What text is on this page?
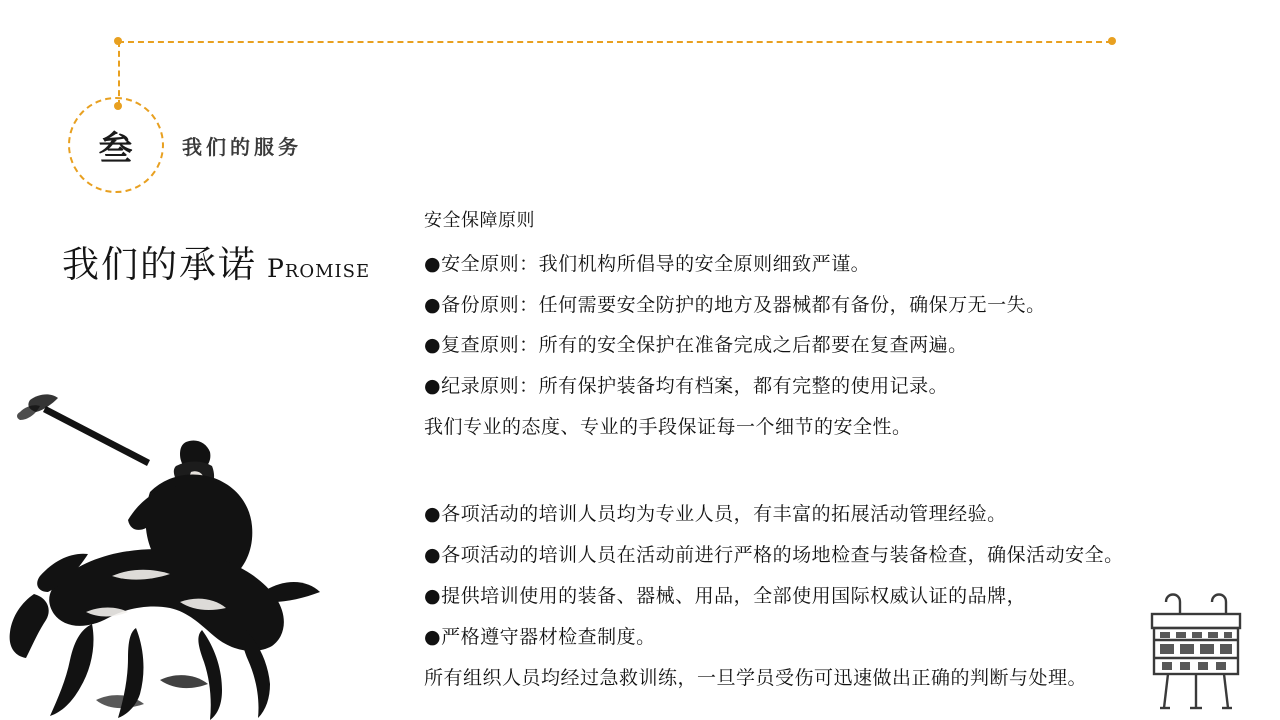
叁	我们的服务
我们的承诺 Promise

安全保障原则

●安全原则：我们机构所倡导的安全原则细致严谨。

●备份原则：任何需要安全防护的地方及器械都有备份，确保万无一失。

●复查原则：所有的安全保护在准备完成之后都要在复查两遍。

●纪录原则：所有保护装备均有档案，都有完整的使用记录。

我们专业的态度、专业的手段保证每一个细节的安全性。

●各项活动的培训人员均为专业人员，有丰富的拓展活动管理经验。

●各项活动的培训人员在活动前进行严格的场地检查与装备检查，确保活动安全。

●提供培训使用的装备、器械、用品，全部使用国际权威认证的品牌，

●严格遵守器材检查制度。

所有组织人员均经过急救训练，一旦学员受伤可迅速做出正确的判断与处理。
